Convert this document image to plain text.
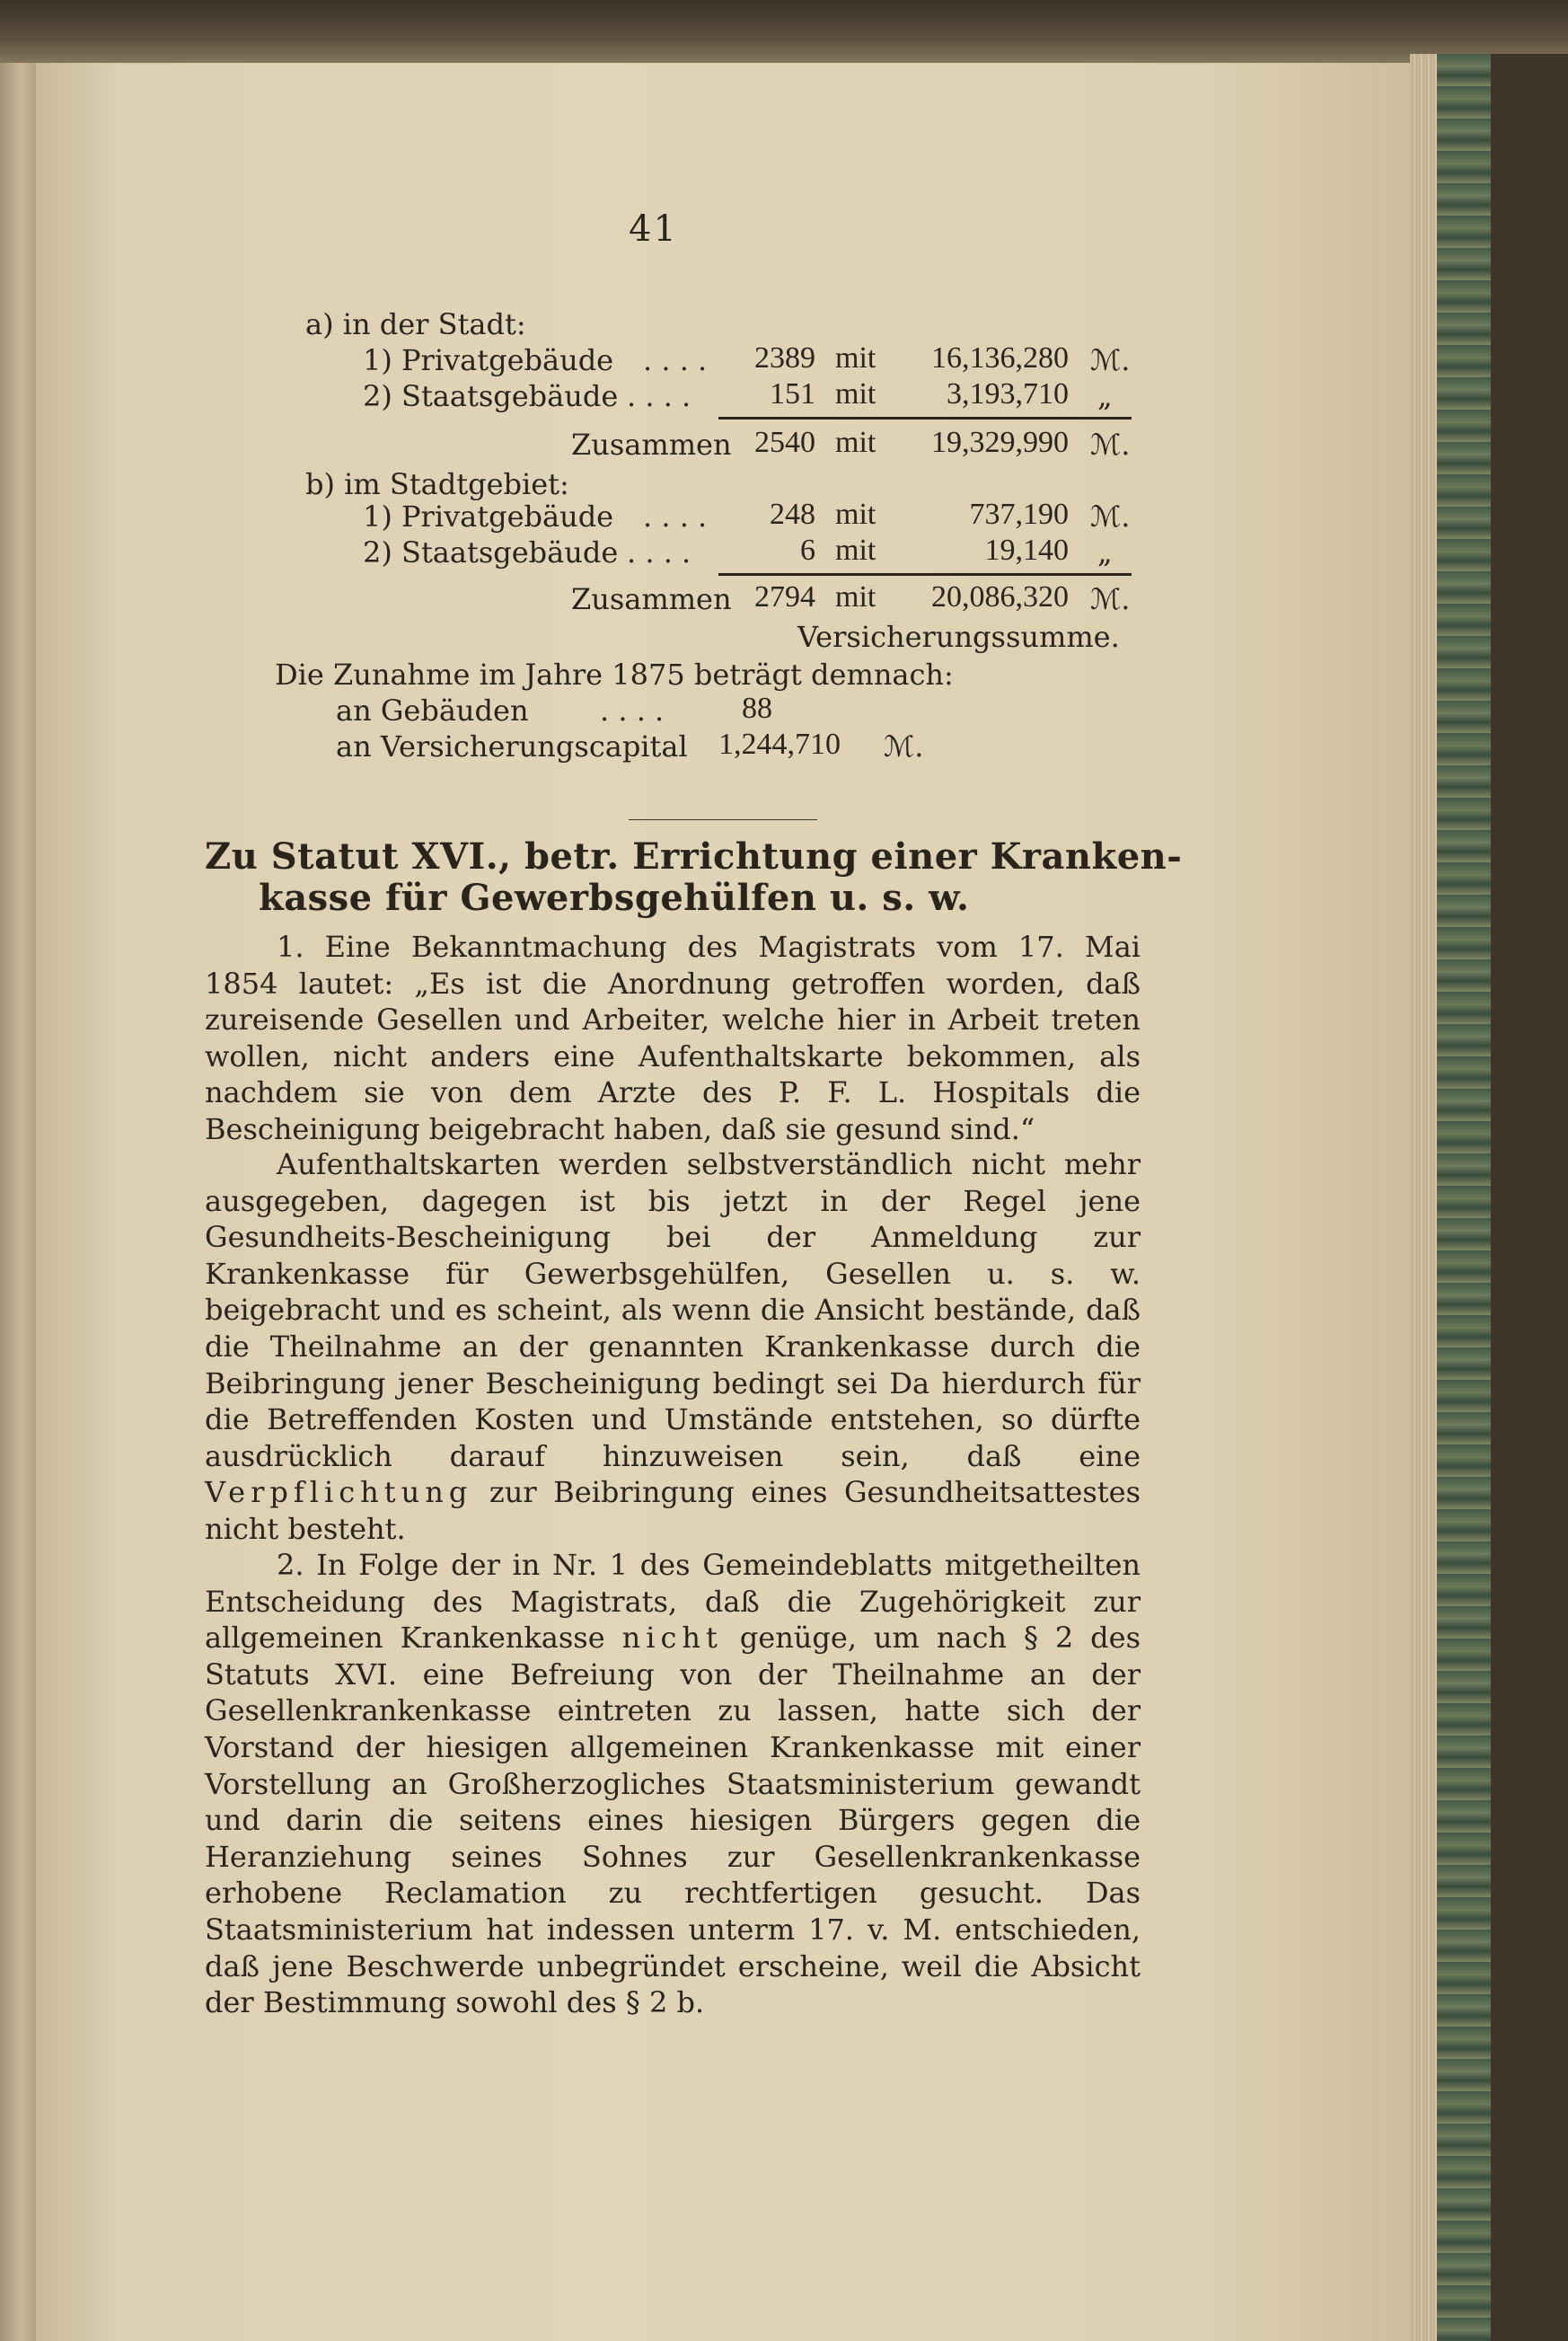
41
a) in der Stadt:
1) Privatgebäude . . . .	2389 mit	16,136,280 ℳ.
2) Staatsgebäude . . . .	151 mit	3,193,710 „
Zusammen 2540 mit	19,329,990 ℳ.
b) im Stadtgebiet:
1) Privatgebäude . . . .	248 mit	737,190 ℳ.
2) Staatsgebäude . . . .	6 mit	19,140 „
Zusammen 2794 mit	20,086,320 ℳ.
Versicherungssumme.
Die Zunahme im Jahre 1875 beträgt demnach:
an Gebäuden . . . .	88
an Versicherungscapital 1,244,710 ℳ.
Zu Statut XVI., betr. Errichtung einer Kranken-
kasse für Gewerbsgehülfen u. s. w.
1. Eine Bekanntmachung des Magistrats vom 17. Mai 1854 lautet: „Es ist die Anordnung getroffen worden, daß zureisende Gesellen und Arbeiter, welche hier in Arbeit treten wollen, nicht anders eine Aufenthaltskarte bekommen, als nachdem sie von dem Arzte des P. F. L. Hospitals die Bescheinigung beigebracht haben, daß sie gesund sind.“
Aufenthaltskarten werden selbstverständlich nicht mehr ausgegeben, dagegen ist bis jetzt in der Regel jene Gesundheits-Bescheinigung bei der Anmeldung zur Krankenkasse für Gewerbsgehülfen, Gesellen u. s. w. beigebracht und es scheint, als wenn die Ansicht bestände, daß die Theilnahme an der genannten Krankenkasse durch die Beibringung jener Bescheinigung bedingt sei Da hierdurch für die Betreffenden Kosten und Umstände entstehen, so dürfte ausdrücklich darauf hinzuweisen sein, daß eine Verpflichtung zur Beibringung eines Gesundheitsattestes nicht besteht.
2. In Folge der in Nr. 1 des Gemeindeblatts mitgetheilten Entscheidung des Magistrats, daß die Zugehörigkeit zur allgemeinen Krankenkasse nicht genüge, um nach § 2 des Statuts XVI. eine Befreiung von der Theilnahme an der Gesellenkrankenkasse eintreten zu lassen, hatte sich der Vorstand der hiesigen allgemeinen Krankenkasse mit einer Vorstellung an Großherzogliches Staatsministerium gewandt und darin die seitens eines hiesigen Bürgers gegen die Heranziehung seines Sohnes zur Gesellenkrankenkasse erhobene Reclamation zu rechtfertigen gesucht. Das Staatsministerium hat indessen unterm 17. v. M. entschieden, daß jene Beschwerde unbegründet erscheine, weil die Absicht der Bestimmung sowohl des § 2 b.
